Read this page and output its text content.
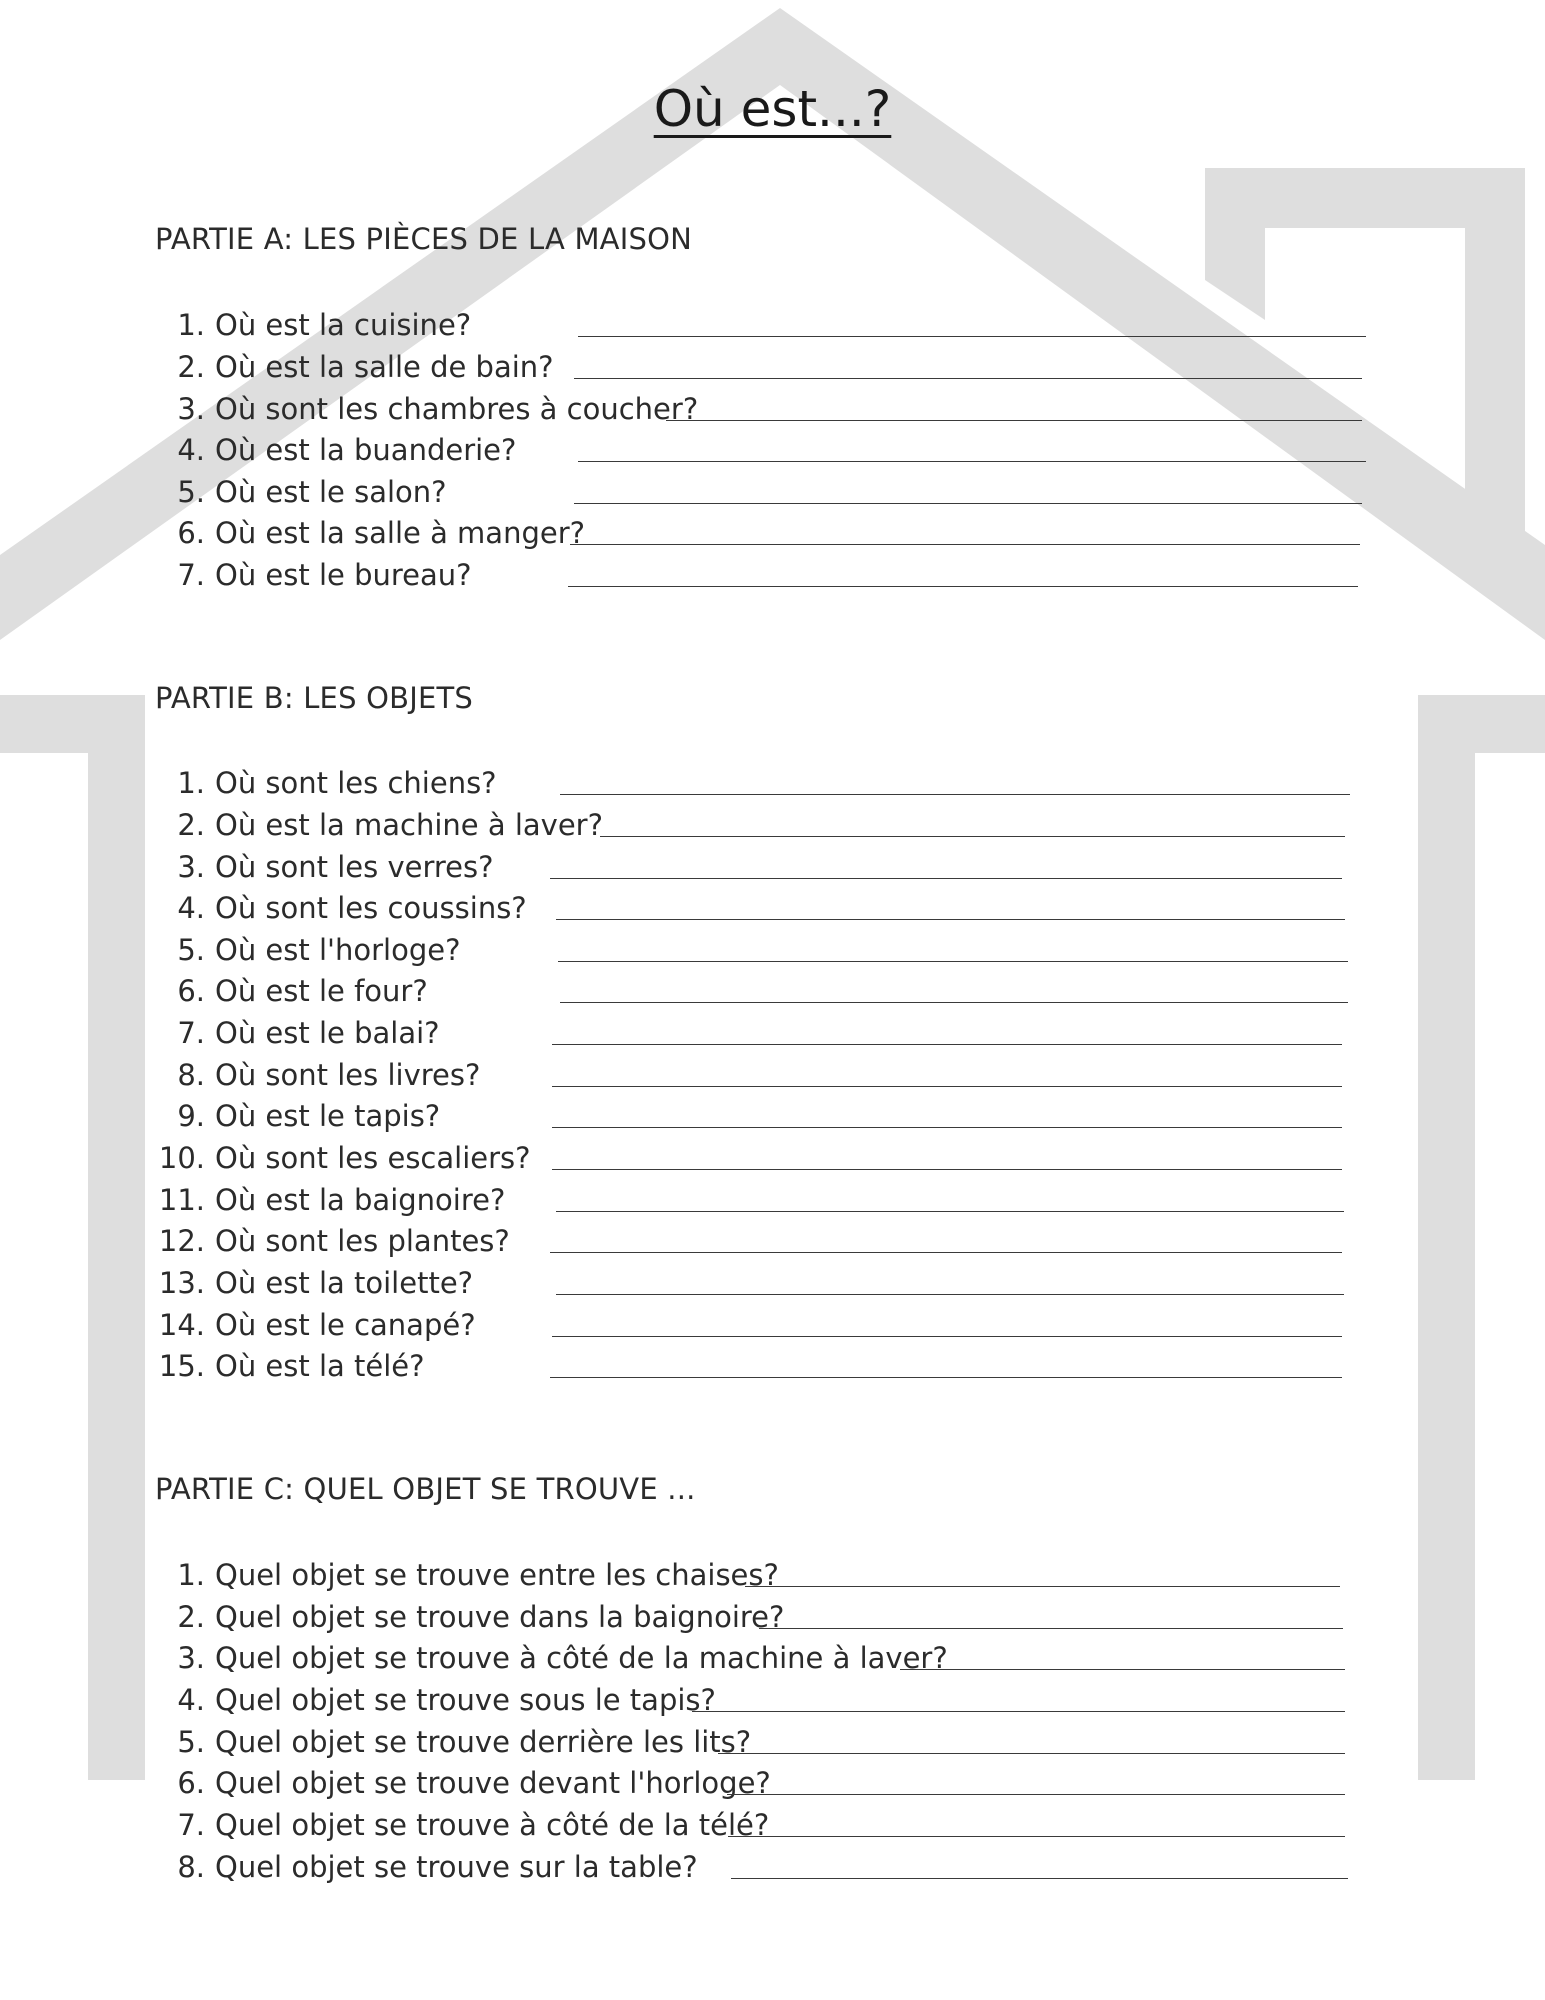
Où est...?
PARTIE A: LES PIÈCES DE LA MAISON
1. Où est la cuisine?
2. Où est la salle de bain?
3. Où sont les chambres à coucher?
4. Où est la buanderie?
5. Où est le salon?
6. Où est la salle à manger?
7. Où est le bureau?
PARTIE B: LES OBJETS
1. Où sont les chiens?
2. Où est la machine à laver?
3. Où sont les verres?
4. Où sont les coussins?
5. Où est l'horloge?
6. Où est le four?
7. Où est le balai?
8. Où sont les livres?
9. Où est le tapis?
10. Où sont les escaliers?
11. Où est la baignoire?
12. Où sont les plantes?
13. Où est la toilette?
14. Où est le canapé?
15. Où est la télé?
PARTIE C: QUEL OBJET SE TROUVE ...
1. Quel objet se trouve entre les chaises?
2. Quel objet se trouve dans la baignoire?
3. Quel objet se trouve à côté de la machine à laver?
4. Quel objet se trouve sous le tapis?
5. Quel objet se trouve derrière les lits?
6. Quel objet se trouve devant l'horloge?
7. Quel objet se trouve à côté de la télé?
8. Quel objet se trouve sur la table?
